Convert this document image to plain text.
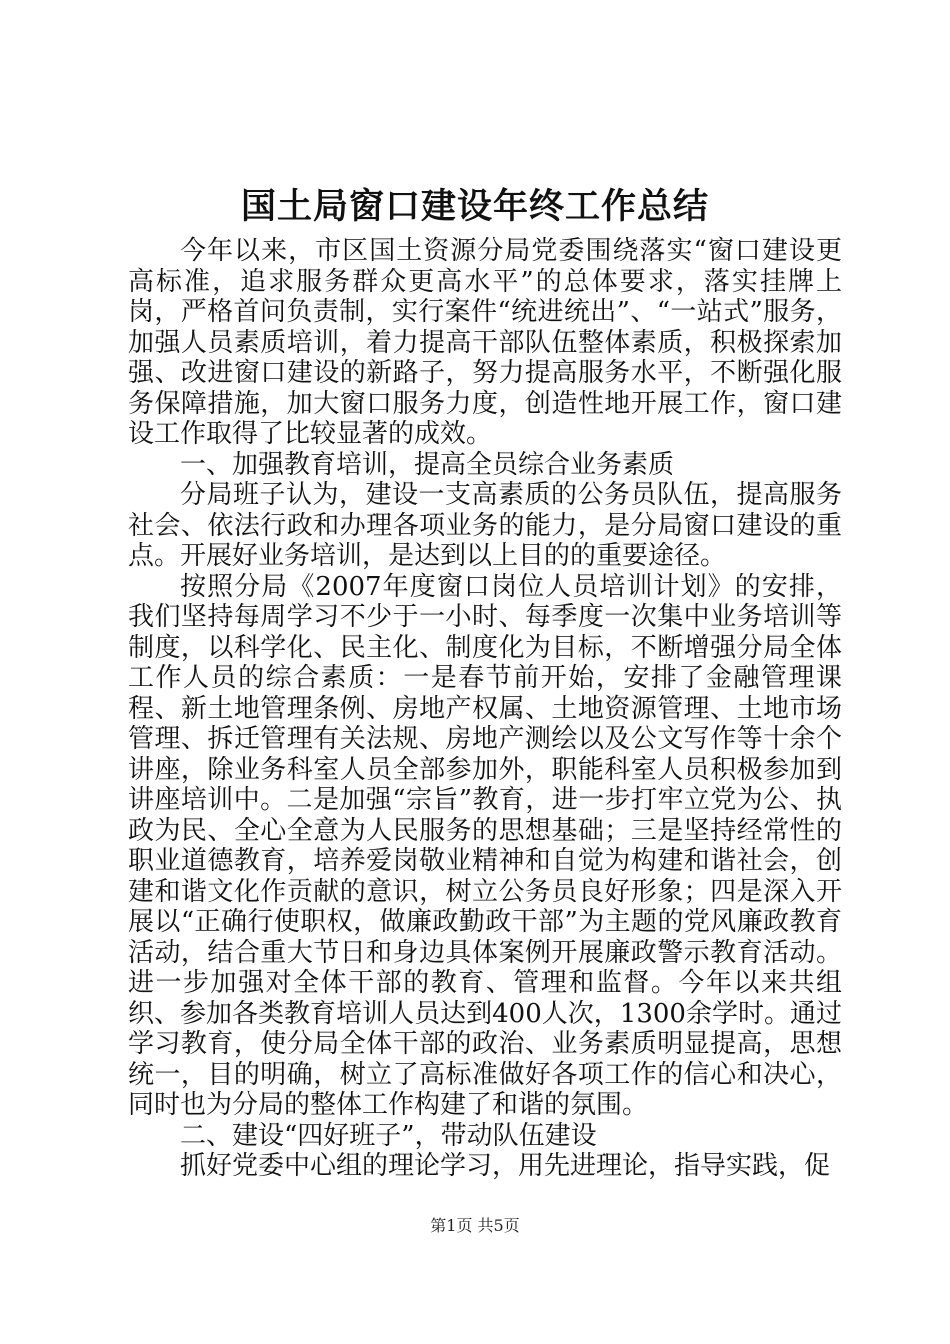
国土局窗口建设年终工作总结

今年以来，市区国土资源分局党委围绕落实“窗口建设更高标准，追求服务群众更高水平”的总体要求，落实挂牌上岗，严格首问负责制，实行案件“统进统出”、“一站式”服务，加强人员素质培训，着力提高干部队伍整体素质，积极探索加强、改进窗口建设的新路子，努力提高服务水平，不断强化服务保障措施，加大窗口服务力度，创造性地开展工作，窗口建设工作取得了比较显著的成效。

一、加强教育培训，提高全员综合业务素质

分局班子认为，建设一支高素质的公务员队伍，提高服务社会、依法行政和办理各项业务的能力，是分局窗口建设的重点。开展好业务培训，是达到以上目的的重要途径。

按照分局《2007年度窗口岗位人员培训计划》的安排，我们坚持每周学习不少于一小时、每季度一次集中业务培训等制度，以科学化、民主化、制度化为目标，不断增强分局全体工作人员的综合素质：一是春节前开始，安排了金融管理课程、新土地管理条例、房地产权属、土地资源管理、土地市场管理、拆迁管理有关法规、房地产测绘以及公文写作等十余个讲座，除业务科室人员全部参加外，职能科室人员积极参加到讲座培训中。二是加强“宗旨”教育，进一步打牢立党为公、执政为民、全心全意为人民服务的思想基础；三是坚持经常性的职业道德教育，培养爱岗敬业精神和自觉为构建和谐社会，创建和谐文化作贡献的意识，树立公务员良好形象；四是深入开展以“正确行使职权，做廉政勤政干部”为主题的党风廉政教育活动，结合重大节日和身边具体案例开展廉政警示教育活动。进一步加强对全体干部的教育、管理和监督。今年以来共组织、参加各类教育培训人员达到400人次，1300余学时。通过学习教育，使分局全体干部的政治、业务素质明显提高，思想统一，目的明确，树立了高标准做好各项工作的信心和决心，同时也为分局的整体工作构建了和谐的氛围。

二、建设“四好班子”，带动队伍建设

抓好党委中心组的理论学习，用先进理论，指导实践，促

第1页 共5页
